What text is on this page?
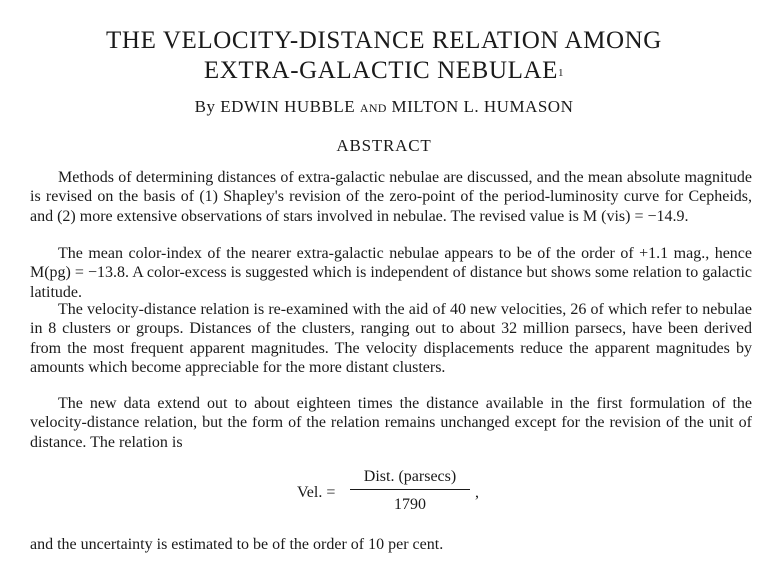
THE VELOCITY-DISTANCE RELATION AMONG
EXTRA-GALACTIC NEBULAE$^1$
By EDWIN HUBBLE AND MILTON L. HUMASON
ABSTRACT

Methods of determining distances of extra-galactic nebulae are discussed, and the mean absolute magnitude is revised on the basis of (1) Shapley's revision of the zero-point of the period-luminosity curve for Cepheids, and (2) more extensive observations of stars involved in nebulae. The revised value is M (vis) = −14.9.

The mean color-index of the nearer extra-galactic nebulae appears to be of the order of +1.1 mag., hence M(pg) = −13.8. A color-excess is suggested which is independent of distance but shows some relation to galactic latitude.

The velocity-distance relation is re-examined with the aid of 40 new velocities, 26 of which refer to nebulae in 8 clusters or groups. Distances of the clusters, ranging out to about 32 million parsecs, have been derived from the most frequent apparent magnitudes. The velocity displacements reduce the apparent magnitudes by amounts which become appreciable for the more distant clusters.

The new data extend out to about eighteen times the distance available in the first formulation of the velocity-distance relation, but the form of the relation remains unchanged except for the revision of the unit of distance. The relation is

Vel. =
Dist. (parsecs)
1790
,

and the uncertainty is estimated to be of the order of 10 per cent.
